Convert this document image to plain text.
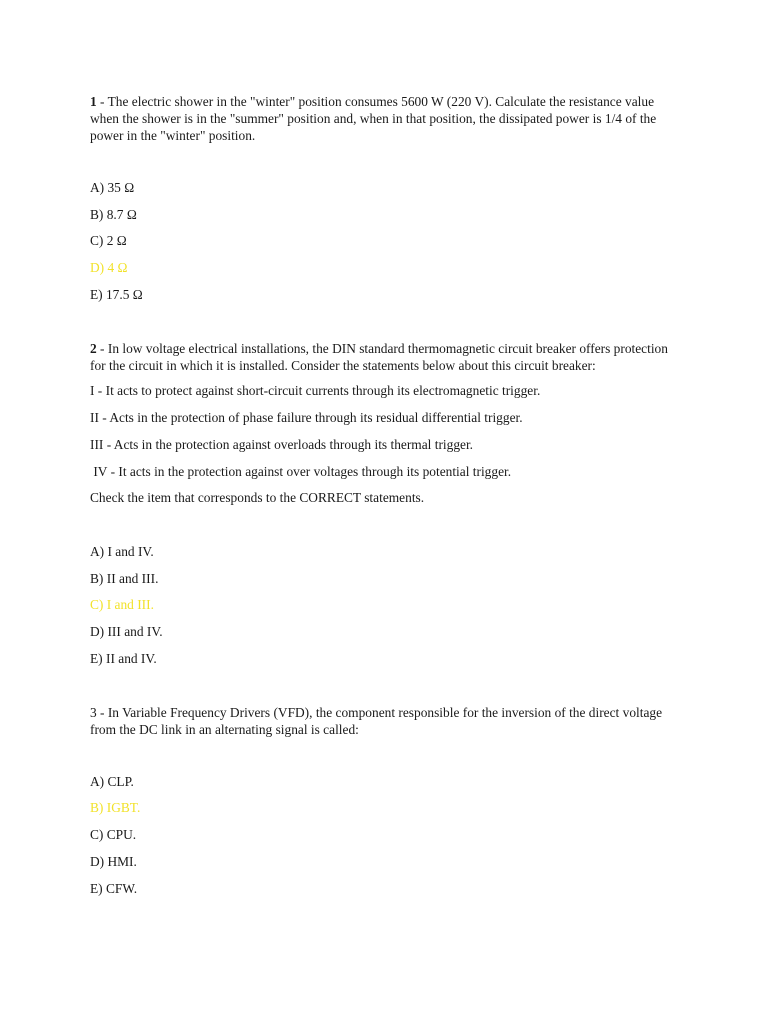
1 - The electric shower in the "winter" position consumes 5600 W (220 V). Calculate the resistance value when the shower is in the "summer" position and, when in that position, the dissipated power is 1/4 of the power in the "winter" position.
A) 35 Ω
B) 8.7 Ω
C) 2 Ω
D) 4 Ω
E) 17.5 Ω
2 - In low voltage electrical installations, the DIN standard thermomagnetic circuit breaker offers protection for the circuit in which it is installed. Consider the statements below about this circuit breaker:
I - It acts to protect against short-circuit currents through its electromagnetic trigger.
II - Acts in the protection of phase failure through its residual differential trigger.
III - Acts in the protection against overloads through its thermal trigger.
IV - It acts in the protection against over voltages through its potential trigger.
Check the item that corresponds to the CORRECT statements.
A) I and IV.
B) II and III.
C) I and III.
D) III and IV.
E) II and IV.
3 - In Variable Frequency Drivers (VFD), the component responsible for the inversion of the direct voltage from the DC link in an alternating signal is called:
A) CLP.
B) IGBT.
C) CPU.
D) HMI.
E) CFW.
